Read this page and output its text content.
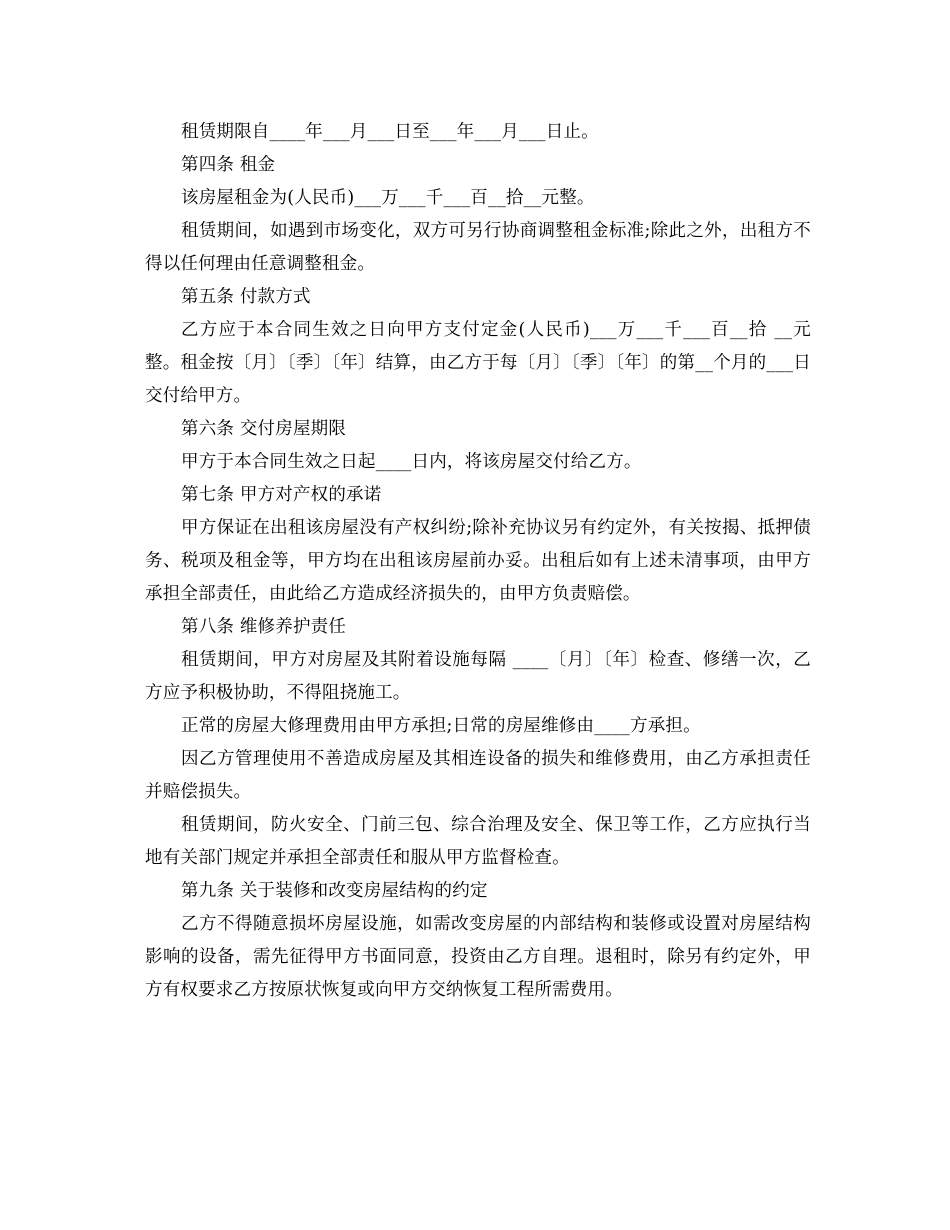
租赁期限自____年___月___日至___年___月___日止。

第四条 租金

该房屋租金为(人民币)___万___千___百__拾__元整。

租赁期间，如遇到市场变化，双方可另行协商调整租金标准;除此之外，出租方不得以任何理由任意调整租金。

第五条 付款方式

乙方应于本合同生效之日向甲方支付定金(人民币)___万___千___百__拾 __元整。租金按〔月〕〔季〕〔年〕结算，由乙方于每〔月〕〔季〕〔年〕的第__个月的___日交付给甲方。

第六条 交付房屋期限

甲方于本合同生效之日起____日内，将该房屋交付给乙方。

第七条 甲方对产权的承诺

甲方保证在出租该房屋没有产权纠纷;除补充协议另有约定外，有关按揭、抵押债务、税项及租金等，甲方均在出租该房屋前办妥。出租后如有上述未清事项，由甲方承担全部责任，由此给乙方造成经济损失的，由甲方负责赔偿。

第八条 维修养护责任

租赁期间，甲方对房屋及其附着设施每隔 ____〔月〕〔年〕检查、修缮一次，乙方应予积极协助，不得阻挠施工。

正常的房屋大修理费用由甲方承担;日常的房屋维修由____方承担。

因乙方管理使用不善造成房屋及其相连设备的损失和维修费用，由乙方承担责任并赔偿损失。

租赁期间，防火安全、门前三包、综合治理及安全、保卫等工作，乙方应执行当地有关部门规定并承担全部责任和服从甲方监督检查。

第九条 关于装修和改变房屋结构的约定

乙方不得随意损坏房屋设施，如需改变房屋的内部结构和装修或设置对房屋结构影响的设备，需先征得甲方书面同意，投资由乙方自理。退租时，除另有约定外，甲方有权要求乙方按原状恢复或向甲方交纳恢复工程所需费用。
